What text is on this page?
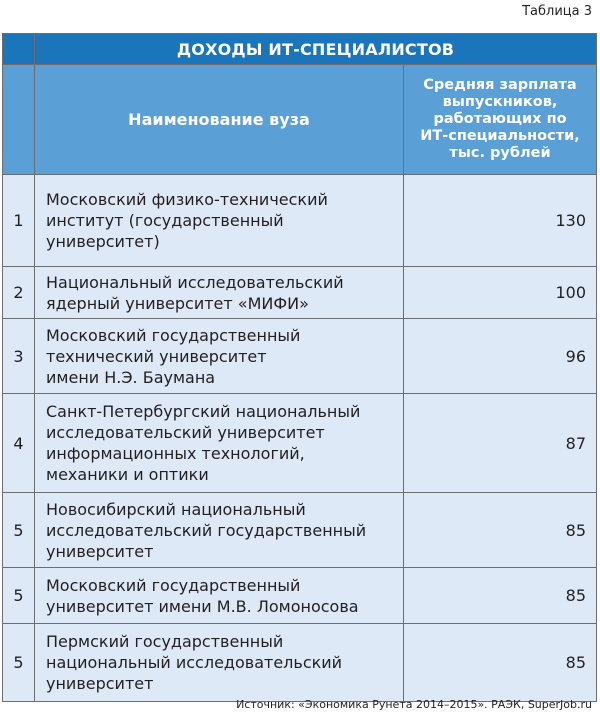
Таблица 3
	ДОХОДЫ ИТ-СПЕЦИАЛИСТОВ	
	Наименование вуза	Средняя зарплата
выпускников,
работающих по
ИТ-специальности,
тыс. рублей

1	Московский физико-технический
институт (государственный
университет)	130
2	Национальный исследовательский
ядерный университет «МИФИ»	100
3	Московский государственный
технический университет
имени Н.Э. Баумана	96
4	Санкт-Петербургский национальный
исследовательский университет
информационных технологий,
механики и оптики	87
5	Новосибирский национальный
исследовательский государственный
университет	85
5	Московский государственный
университет имени М.В. Ломоносова	85
5	Пермский государственный
национальный исследовательский
университет	85
Источник: «Экономика Рунета 2014–2015». РАЭК, SuperJob.ru
